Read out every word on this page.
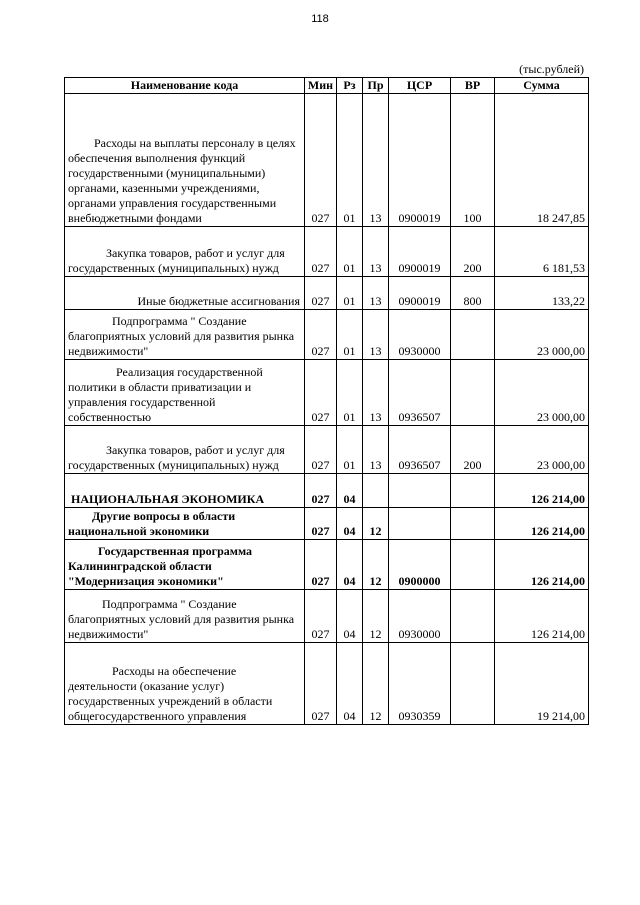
118
(тыс.рублей)
Наименование кода	Мин	Рз	Пр	ЦСР	ВР	Сумма

Расходы на выплаты персоналу в целях обеспечения выполнения функций государственными (муниципальными) органами, казенными учреждениями, органами управления государственными внебюджетными фондами	027	01	13	0900019	100	18 247,85

Закупка товаров, работ и услуг для государственных (муниципальных) нужд	027	01	13	0900019	200	6 181,53
Иные бюджетные ассигнования	027	01	13	0900019	800	133,22

Подпрограмма " Создание благоприятных условий для развития рынка недвижимости"	027	01	13	0930000		23 000,00

Реализация государственной политики в области приватизации и управления государственной собственностью	027	01	13	0936507		23 000,00

Закупка товаров, работ и услуг для государственных (муниципальных) нужд	027	01	13	0936507	200	23 000,00
НАЦИОНАЛЬНАЯ ЭКОНОМИКА	027	04				126 214,00

Другие вопросы в области национальной экономики	027	04	12			126 214,00

Государственная программа Калининградской области "Модернизация экономики"	027	04	12	0900000		126 214,00

Подпрограмма " Создание благоприятных условий для развития рынка недвижимости"	027	04	12	0930000		126 214,00

Расходы на обеспечение деятельности (оказание услуг) государственных учреждений в области общегосударственного управления	027	04	12	0930359		19 214,00
